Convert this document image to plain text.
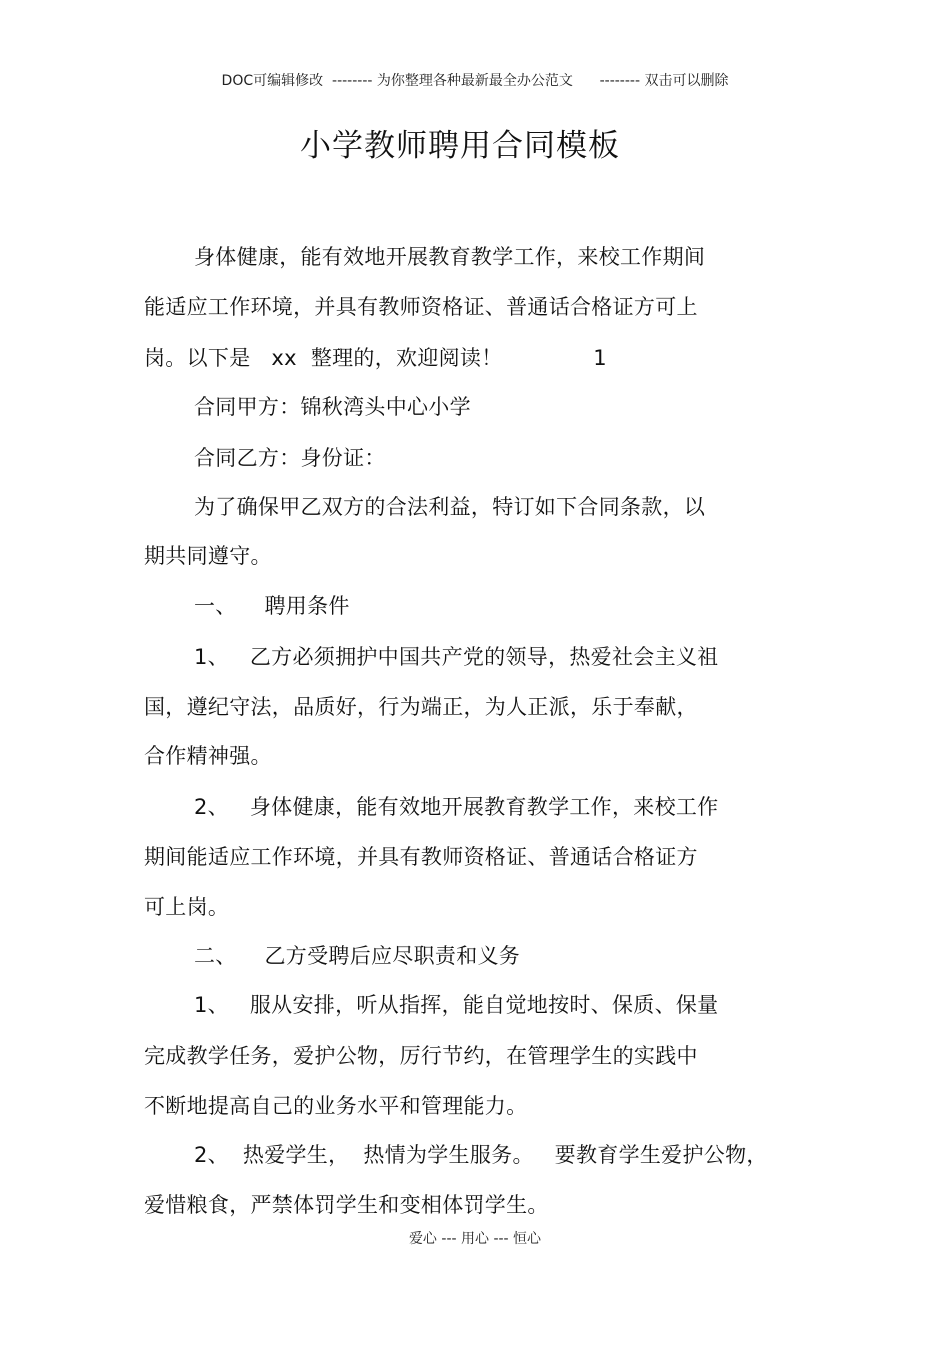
DOC可编辑修改  -------- 为你整理各种最新最全办公范文      -------- 双击可以删除
小学教师聘用合同模板
身体健康，能有效地开展教育教学工作，来校工作期间
能适应工作环境，并具有教师资格证、普通话合格证方可上
岗。以下是   xx  整理的，欢迎阅读！             1
合同甲方：锦秋湾头中心小学
合同乙方：身份证：
为了确保甲乙双方的合法利益，特订如下合同条款，以
期共同遵守。
一、    聘用条件
1、   乙方必须拥护中国共产党的领导，热爱社会主义祖
国，遵纪守法，品质好，行为端正，为人正派，乐于奉献，
合作精神强。
2、   身体健康，能有效地开展教育教学工作，来校工作
期间能适应工作环境，并具有教师资格证、普通话合格证方
可上岗。
二、    乙方受聘后应尽职责和义务
1、   服从安排，听从指挥，能自觉地按时、保质、保量
完成教学任务，爱护公物，厉行节约，在管理学生的实践中
不断地提高自己的业务水平和管理能力。
2、  热爱学生，  热情为学生服务。   要教育学生爱护公物，
爱惜粮食，严禁体罚学生和变相体罚学生。
爱心 --- 用心 --- 恒心
